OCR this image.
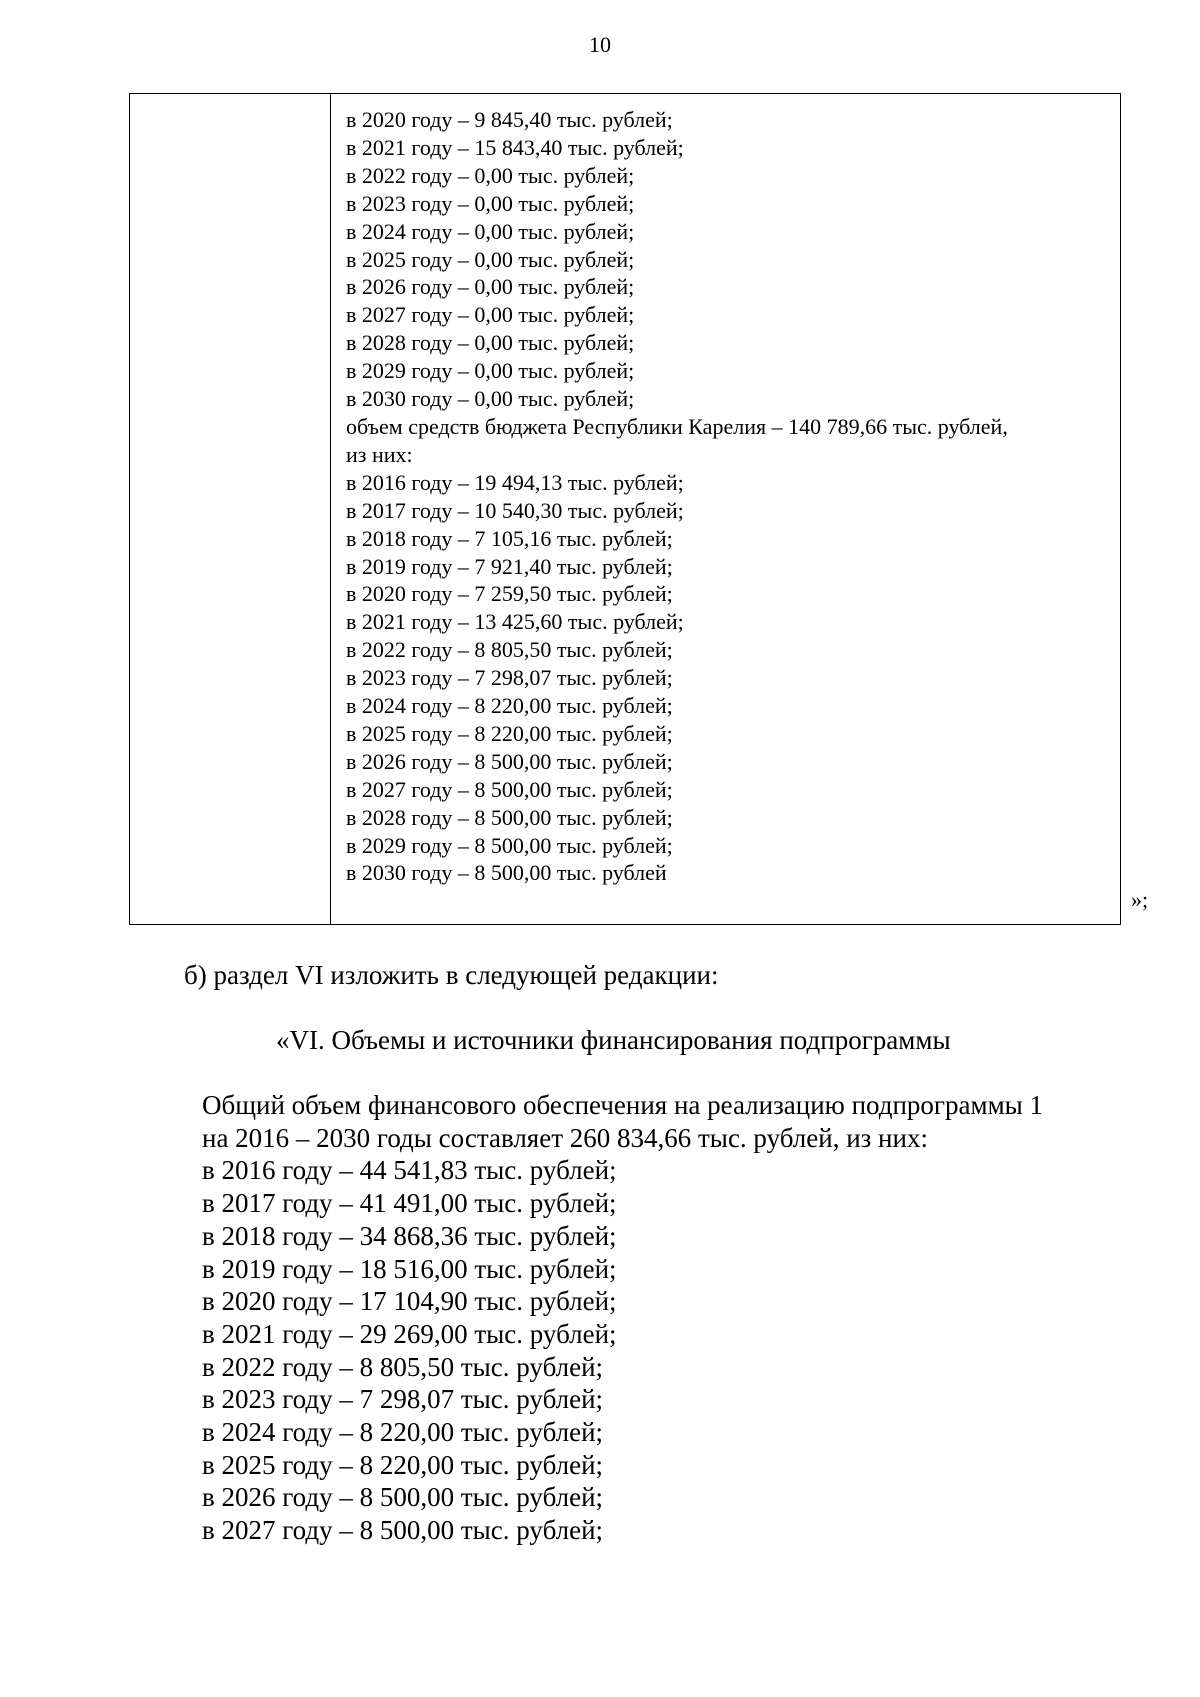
10
в 2020 году – 9 845,40 тыс. рублей;
в 2021 году – 15 843,40 тыс. рублей;
в 2022 году – 0,00 тыс. рублей;
в 2023 году – 0,00 тыс. рублей;
в 2024 году – 0,00 тыс. рублей;
в 2025 году – 0,00 тыс. рублей;
в 2026 году – 0,00 тыс. рублей;
в 2027 году – 0,00 тыс. рублей;
в 2028 году – 0,00 тыс. рублей;
в 2029 году – 0,00 тыс. рублей;
в 2030 году – 0,00 тыс. рублей;
объем средств бюджета Республики Карелия – 140 789,66 тыс. рублей,
из них:
в 2016 году – 19 494,13 тыс. рублей;
в 2017 году – 10 540,30 тыс. рублей;
в 2018 году – 7 105,16 тыс. рублей;
в 2019 году – 7 921,40 тыс. рублей;
в 2020 году – 7 259,50 тыс. рублей;
в 2021 году – 13 425,60 тыс. рублей;
в 2022 году – 8 805,50 тыс. рублей;
в 2023 году – 7 298,07 тыс. рублей;
в 2024 году – 8 220,00 тыс. рублей;
в 2025 году – 8 220,00 тыс. рублей;
в 2026 году – 8 500,00 тыс. рублей;
в 2027 году – 8 500,00 тыс. рублей;
в 2028 году – 8 500,00 тыс. рублей;
в 2029 году – 8 500,00 тыс. рублей;
в 2030 году – 8 500,00 тыс. рублей
»;
б) раздел VI изложить в следующей редакции:
«VI. Объемы и источники финансирования подпрограммы
Общий объем финансового обеспечения на реализацию подпрограммы 1
на 2016 – 2030 годы составляет 260 834,66 тыс. рублей, из них:
в 2016 году – 44 541,83 тыс. рублей;
в 2017 году – 41 491,00 тыс. рублей;
в 2018 году – 34 868,36 тыс. рублей;
в 2019 году – 18 516,00 тыс. рублей;
в 2020 году – 17 104,90 тыс. рублей;
в 2021 году – 29 269,00 тыс. рублей;
в 2022 году – 8 805,50 тыс. рублей;
в 2023 году – 7 298,07 тыс. рублей;
в 2024 году – 8 220,00 тыс. рублей;
в 2025 году – 8 220,00 тыс. рублей;
в 2026 году – 8 500,00 тыс. рублей;
в 2027 году – 8 500,00 тыс. рублей;
